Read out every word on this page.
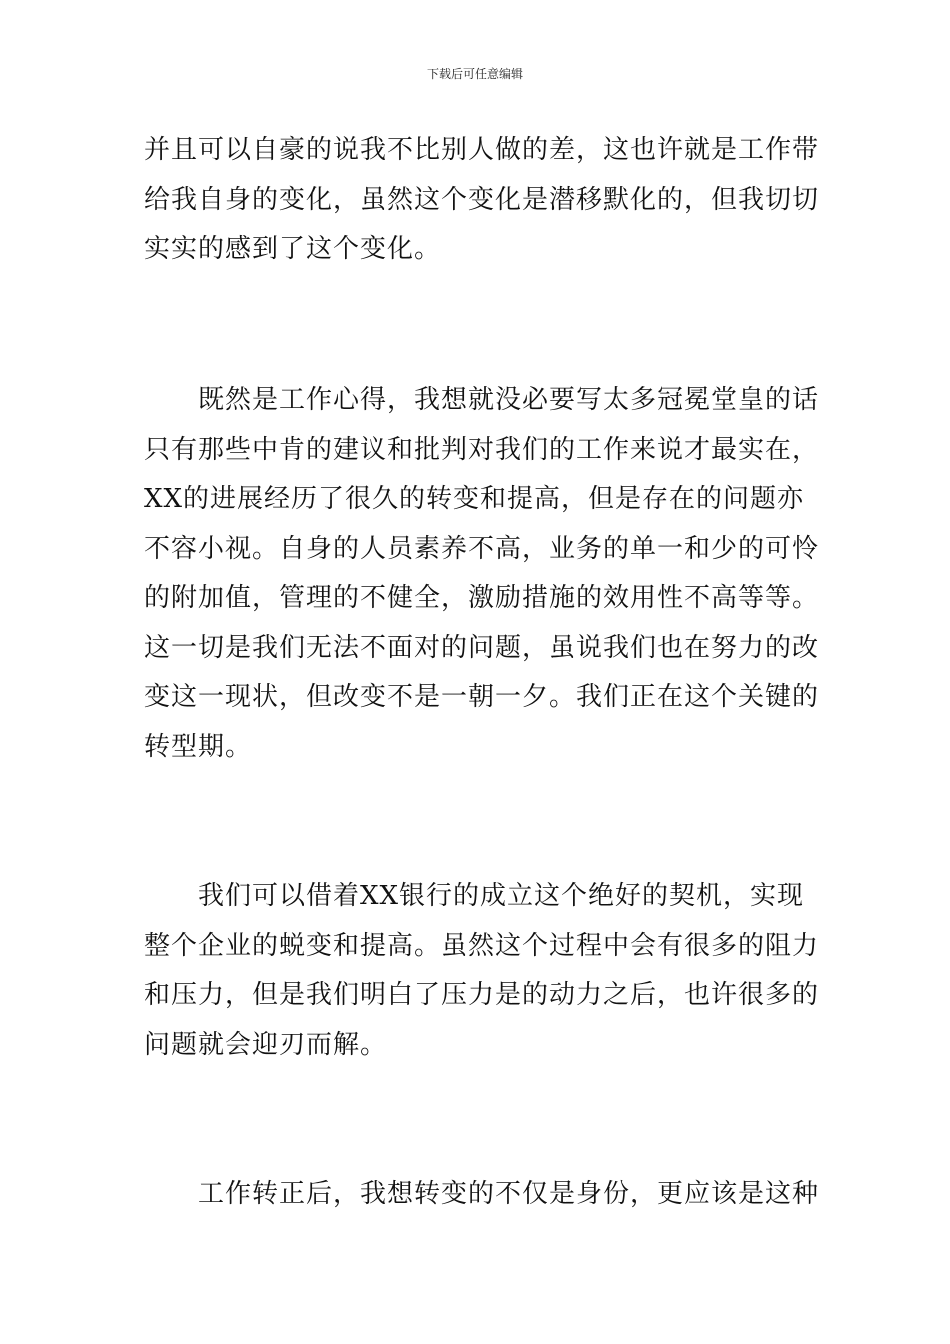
下载后可任意编辑

并且可以自豪的说我不比别人做的差，这也许就是工作带给我自身的变化，虽然这个变化是潜移默化的，但我切切实实的感到了这个变化。

既然是工作心得，我想就没必要写太多冠冕堂皇的话只有那些中肯的建议和批判对我们的工作来说才最实在，XX的进展经历了很久的转变和提高，但是存在的问题亦不容小视。自身的人员素养不高，业务的单一和少的可怜的附加值，管理的不健全，激励措施的效用性不高等等。这一切是我们无法不面对的问题，虽说我们也在努力的改变这一现状，但改变不是一朝一夕。我们正在这个关键的转型期。

我们可以借着XX银行的成立这个绝好的契机，实现整个企业的蜕变和提高。虽然这个过程中会有很多的阻力和压力，但是我们明白了压力是的动力之后，也许很多的问题就会迎刃而解。

工作转正后，我想转变的不仅是身份，更应该是这种
